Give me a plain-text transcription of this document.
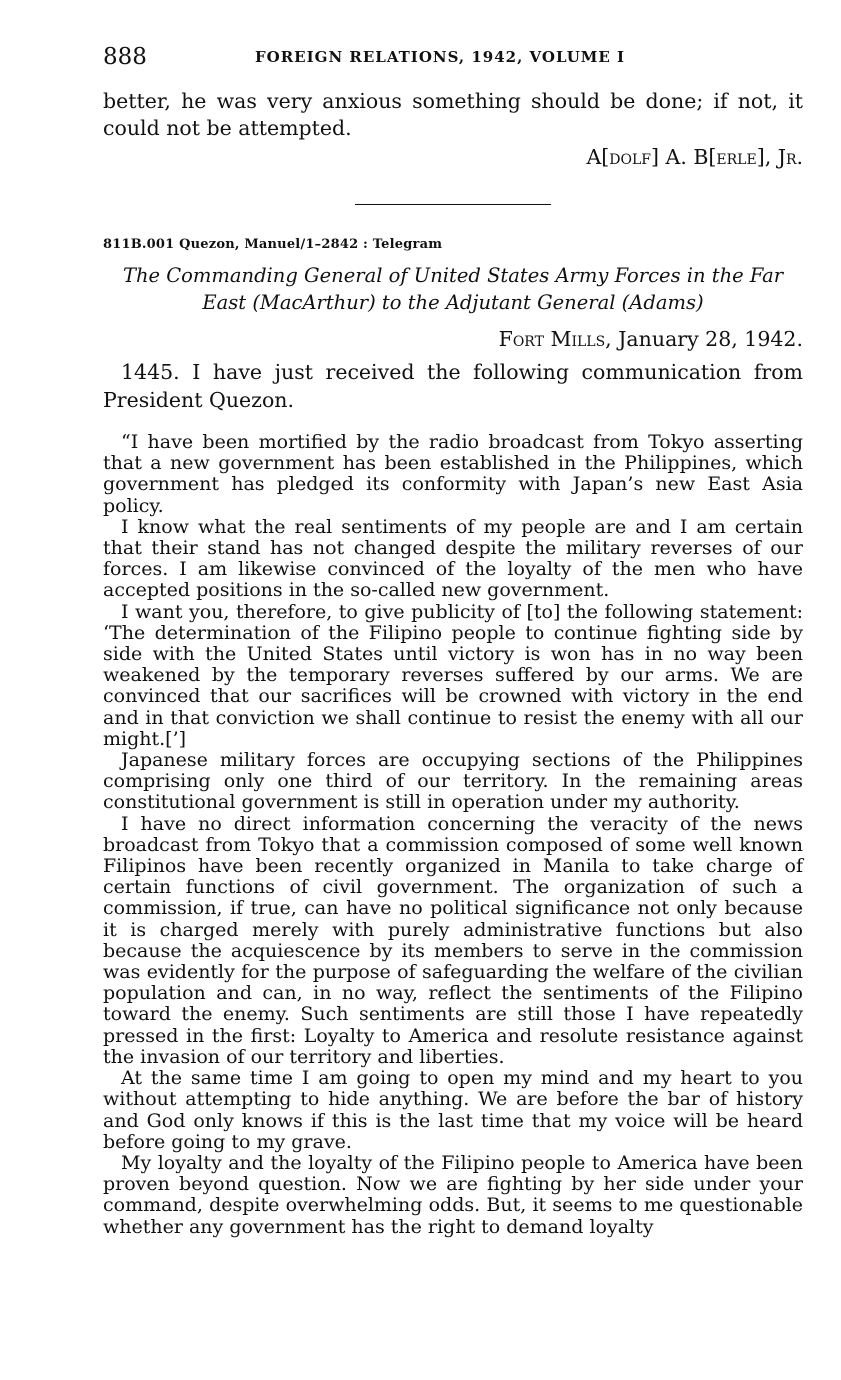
888	FOREIGN RELATIONS, 1942, VOLUME I

better, he was very anxious something should be done; if not, it could not be attempted.

A[dolf] A. B[erle], Jr.
811B.001 Quezon, Manuel/1–2842 : Telegram
The Commanding General of United States Army Forces in the Far East (MacArthur) to the Adjutant General (Adams)
Fort Mills, January 28, 1942.

1445. I have just received the following communication from President Quezon.

“I have been mortified by the radio broadcast from Tokyo asserting that a new government has been established in the Philippines, which government has pledged its conformity with Japan’s new East Asia policy.

I know what the real sentiments of my people are and I am certain that their stand has not changed despite the military reverses of our forces. I am likewise convinced of the loyalty of the men who have accepted positions in the so-called new government.

I want you, therefore, to give publicity of [to] the following statement: ‘The determination of the Filipino people to continue fighting side by side with the United States until victory is won has in no way been weakened by the temporary reverses suffered by our arms. We are convinced that our sacrifices will be crowned with victory in the end and in that conviction we shall continue to resist the enemy with all our might.[’]

Japanese military forces are occupying sections of the Philippines comprising only one third of our territory. In the remaining areas constitutional government is still in operation under my authority.

I have no direct information concerning the veracity of the news broadcast from Tokyo that a commission composed of some well known Filipinos have been recently organized in Manila to take charge of certain functions of civil government. The organization of such a commission, if true, can have no political significance not only because it is charged merely with purely administrative functions but also because the acquiescence by its members to serve in the commission was evidently for the purpose of safeguarding the welfare of the civilian population and can, in no way, reflect the sentiments of the Filipino toward the enemy. Such sentiments are still those I have repeatedly pressed in the first: Loyalty to America and resolute resistance against the invasion of our territory and liberties.

At the same time I am going to open my mind and my heart to you without attempting to hide anything. We are before the bar of history and God only knows if this is the last time that my voice will be heard before going to my grave.

My loyalty and the loyalty of the Filipino people to America have been proven beyond question. Now we are fighting by her side under your command, despite overwhelming odds. But, it seems to me questionable whether any government has the right to demand loyalty
